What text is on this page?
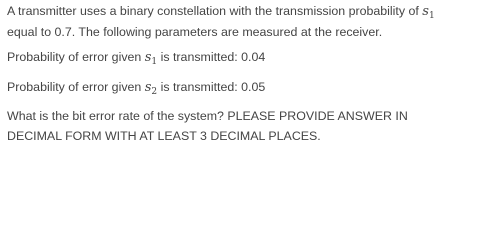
A transmitter uses a binary constellation with the transmission probability of $s_1$
equal to 0.7. The following parameters are measured at the receiver.
Probability of error given $s_1$ is transmitted: 0.04
Probability of error given $s_2$ is transmitted: 0.05
What is the bit error rate of the system? PLEASE PROVIDE ANSWER IN
DECIMAL FORM WITH AT LEAST 3 DECIMAL PLACES.
